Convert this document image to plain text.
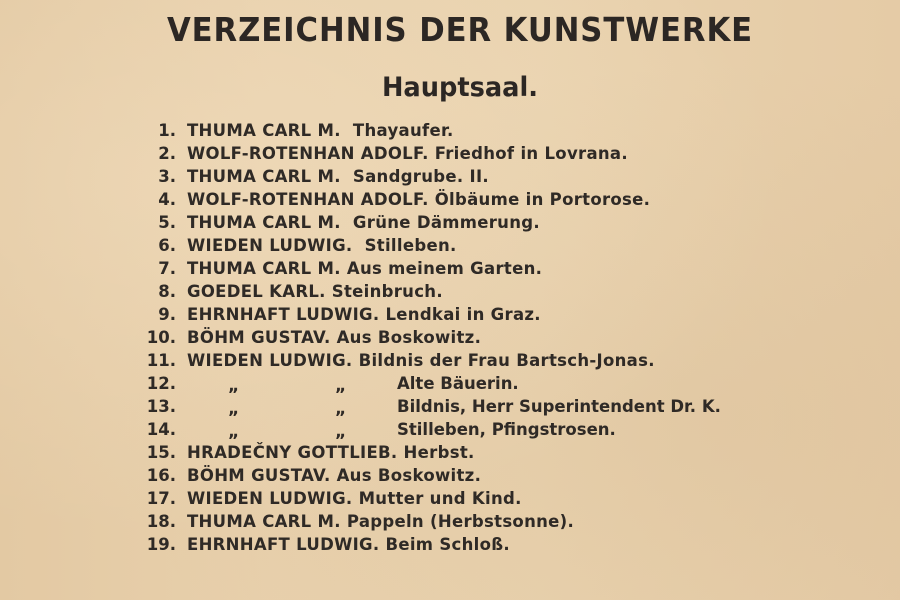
VERZEICHNIS DER KUNSTWERKE
Hauptsaal.
1. THUMA CARL M. Thayaufer.
2. WOLF-ROTENHAN ADOLF. Friedhof in Lovrana.
3. THUMA CARL M. Sandgrube. II.
4. WOLF-ROTENHAN ADOLF. Ölbäume in Portorose.
5. THUMA CARL M. Grüne Dämmerung.
6. WIEDEN LUDWIG. Stilleben.
7. THUMA CARL M. Aus meinem Garten.
8. GOEDEL KARL. Steinbruch.
9. EHRNHAFT LUDWIG. Lendkai in Graz.
10. BÖHM GUSTAV. Aus Boskowitz.
11. WIEDEN LUDWIG. Bildnis der Frau Bartsch-Jonas.
12.	„	„	Alte Bäuerin.
13.	„	„	Bildnis, Herr Superintendent Dr. K.
14.	„	„	Stilleben, Pfingstrosen.
15. HRADEČNY GOTTLIEB. Herbst.
16. BÖHM GUSTAV. Aus Boskowitz.
17. WIEDEN LUDWIG. Mutter und Kind.
18. THUMA CARL M. Pappeln (Herbstsonne).
19. EHRNHAFT LUDWIG. Beim Schloß.
